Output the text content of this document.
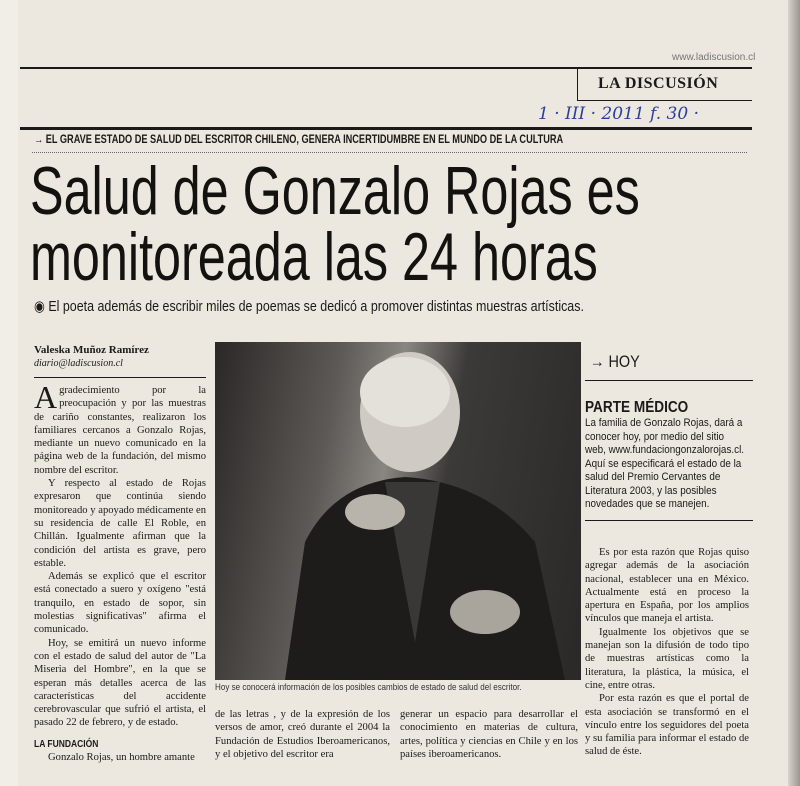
www.ladiscusion.cl
LA DISCUSIÓN
1 · III · 2011 f. 30 ·
→ EL GRAVE ESTADO DE SALUD DEL ESCRITOR CHILENO, GENERA INCERTIDUMBRE EN EL MUNDO DE LA CULTURA
Salud de Gonzalo Rojas es
monitoreada las 24 horas
◉ El poeta además de escribir miles de poemas se dedicó a promover distintas muestras artísticas.
Valeska Muñoz Ramírez
diario@ladiscusion.cl

Agradecimiento por la preocupación y por las muestras de cariño constantes, realizaron los familiares cercanos a Gonzalo Rojas, mediante un nuevo comunicado en la página web de la fundación, del mismo nombre del escritor.

Y respecto al estado de Rojas expresaron que continúa siendo monitoreado y apoyado médicamente en su residencia de calle El Roble, en Chillán. Igualmente afirman que la condición del artista es grave, pero estable.

Además se explicó que el escritor está conectado a suero y oxígeno "está tranquilo, en estado de sopor, sin molestias significativas" afirma el comunicado.

Hoy, se emitirá un nuevo informe con el estado de salud del autor de "La Miseria del Hombre", en la que se esperan más detalles acerca de las características del accidente cerebrovascular que sufrió el artista, el pasado 22 de febrero, y de estado.

LA FUNDACIÓN

Gonzalo Rojas, un hombre amante

Hoy se conocerá información de los posibles cambios de estado de salud del escritor.

de las letras , y de la expresión de los versos de amor, creó durante el 2004 la Fundación de Estudios Iberoamericanos, y el objetivo del escritor era

generar un espacio para desarrollar el conocimiento en materias de cultura, artes, política y ciencias en Chile y en los países iberoamericanos.

→ HOY
PARTE MÉDICO
La familia de Gonzalo Rojas, dará a conocer hoy, por medio del sitio web, www.fundaciongonzalorojas.cl. Aquí se especificará el estado de la salud del Premio Cervantes de Literatura 2003, y las posibles novedades que se manejen.

Es por esta razón que Rojas quiso agregar además de la asociación nacional, establecer una en México. Actualmente está en proceso la apertura en España, por los amplios vínculos que maneja el artista.

Igualmente los objetivos que se manejan son la difusión de todo tipo de muestras artísticas como la literatura, la plástica, la música, el cine, entre otras.

Por esta razón es que el portal de esta asociación se transformó en el vínculo entre los seguidores del poeta y su familia para informar el estado de salud de éste.
